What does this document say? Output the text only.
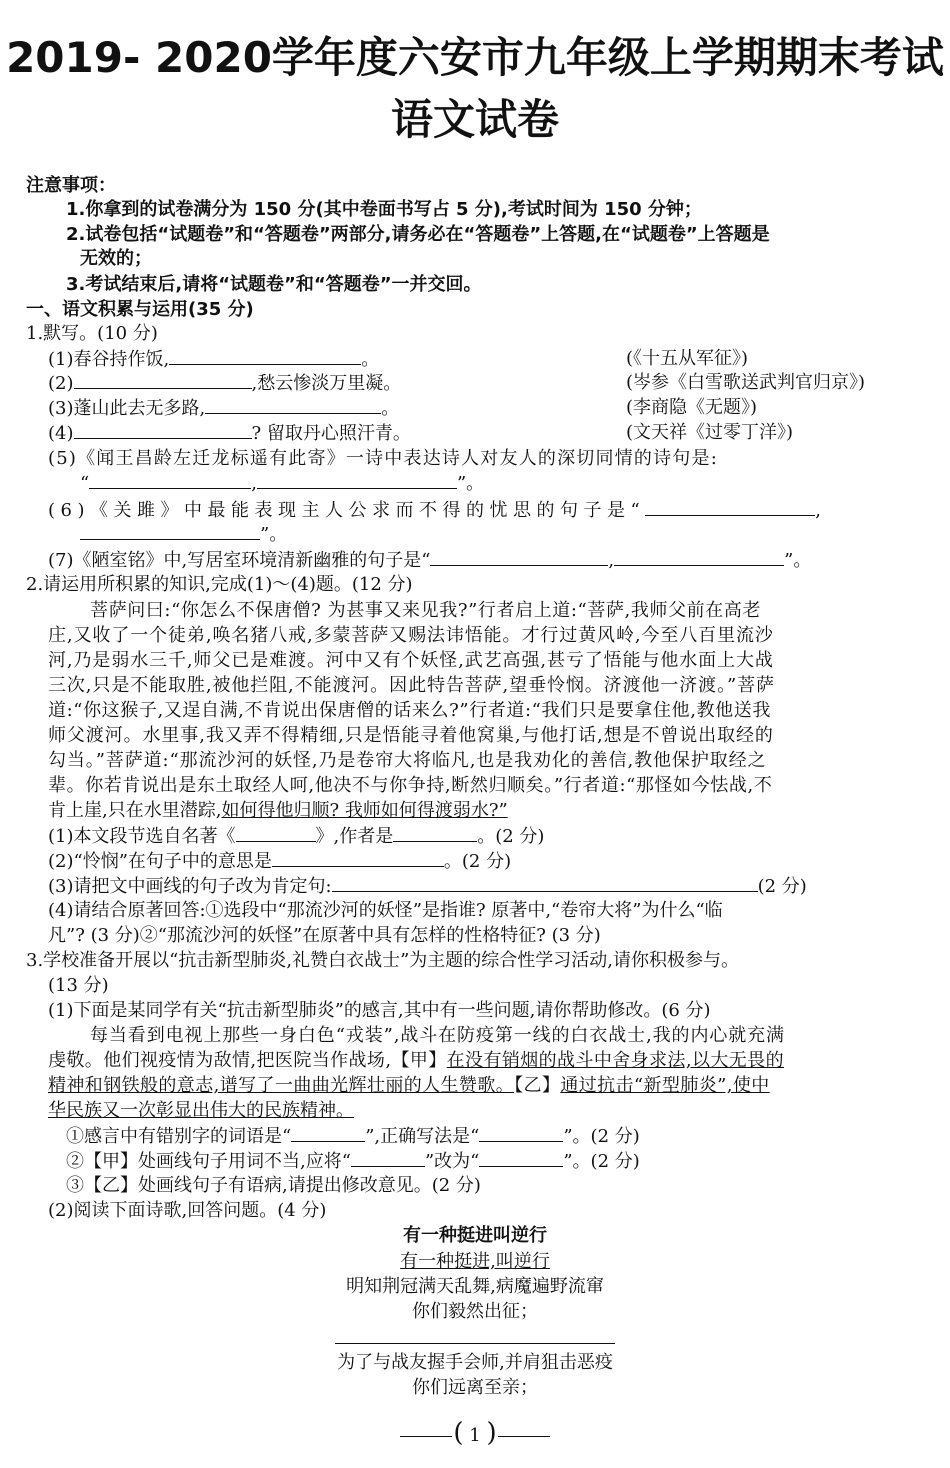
2019- 2020学年度六安市九年级上学期期末考试
语文试卷
注意事项：
1.你拿到的试卷满分为 150 分(其中卷面书写占 5 分),考试时间为 150 分钟；
2.试卷包括“试题卷”和“答题卷”两部分,请务必在“答题卷”上答题,在“试题卷”上答题是
无效的；
3.考试结束后,请将“试题卷”和“答题卷”一并交回。
一、语文积累与运用(35 分)
1.默写。(10 分)
(1)春谷持作饭,	。	(《十五从军征》)
(2)	,愁云惨淡万里凝。	(岑参《白雪歌送武判官归京》)
(3)蓬山此去无多路,	。	(李商隐《无题》)
(4)	? 留取丹心照汗青。	(文天祥《过零丁洋》)
(5)《闻王昌龄左迁龙标遥有此寄》一诗中表达诗人对友人的深切同情的诗句是:
“	,	”。
(6)《关雎》中最能表现主人公求而不得的忧思的句子是“	,
”。
(7)《陋室铭》中,写居室环境清新幽雅的句子是“	,	”。
2.请运用所积累的知识,完成(1)～(4)题。(12 分)
菩萨问曰:“你怎么不保唐僧? 为甚事又来见我?”行者启上道:“菩萨,我师父前在高老
庄,又收了一个徒弟,唤名猪八戒,多蒙菩萨又赐法讳悟能。才行过黄风岭,今至八百里流沙
河,乃是弱水三千,师父已是难渡。河中又有个妖怪,武艺高强,甚亏了悟能与他水面上大战
三次,只是不能取胜,被他拦阻,不能渡河。因此特告菩萨,望垂怜悯。济渡他一济渡。”菩萨
道:“你这猴子,又逞自满,不肯说出保唐僧的话来么?”行者道:“我们只是要拿住他,教他送我
师父渡河。水里事,我又弄不得精细,只是悟能寻着他窝巢,与他打话,想是不曾说出取经的
勾当。”菩萨道:“那流沙河的妖怪,乃是卷帘大将临凡,也是我劝化的善信,教他保护取经之
辈。你若肯说出是东土取经人呵,他决不与你争持,断然归顺矣。”行者道:“那怪如今怯战,不
肯上崖,只在水里潜踪,如何得他归顺? 我师如何得渡弱水?”
(1)本文段节选自名著《	》,作者是	。(2 分)
(2)“怜悯”在句子中的意思是	。(2 分)
(3)请把文中画线的句子改为肯定句:	(2 分)
(4)请结合原著回答:①选段中“那流沙河的妖怪”是指谁? 原著中,“卷帘大将”为什么“临
凡”? (3 分)②“那流沙河的妖怪”在原著中具有怎样的性格特征? (3 分)
3.学校准备开展以“抗击新型肺炎,礼赞白衣战士”为主题的综合性学习活动,请你积极参与。
(13 分)
(1)下面是某同学有关“抗击新型肺炎”的感言,其中有一些问题,请你帮助修改。(6 分)
每当看到电视上那些一身白色“戎装”,战斗在防疫第一线的白衣战士,我的内心就充满
虔敬。他们视疫情为敌情,把医院当作战场,【甲】在没有销烟的战斗中舍身求法,以大无畏的
精神和钢铁般的意志,谱写了一曲曲光辉壮丽的人生赞歌。【乙】通过抗击“新型肺炎”,使中
华民族又一次彰显出伟大的民族精神。
①感言中有错别字的词语是“	”,正确写法是“	”。(2 分)
②【甲】处画线句子用词不当,应将“	”改为“	”。(2 分)
③【乙】处画线句子有语病,请提出修改意见。(2 分)
(2)阅读下面诗歌,回答问题。(4 分)
有一种挺进叫逆行
有一种挺进,叫逆行
明知荆冠满天乱舞,病魔遍野流窜
你们毅然出征；
为了与战友握手会师,并肩狙击恶疫
你们远离至亲；
( 1 )
